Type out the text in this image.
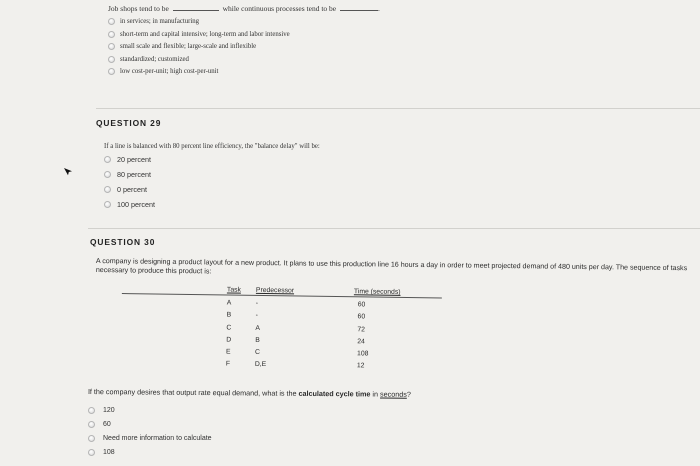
Job shops tend to be	while continuous processes tend to be	.
in services; in manufacturing
short-term and capital intensive; long-term and labor intensive
small scale and flexible; large-scale and inflexible
standardized; customized
low cost-per-unit; high cost-per-unit
QUESTION 29
If a line is balanced with 80 percent line efficiency, the "balance delay" will be:
20 percent
80 percent
0 percent
100 percent
QUESTION 30
A company is designing a product layout for a new product. It plans to use this production line 16 hours a day in order to meet projected demand of 480 units per day. The sequence of tasks necessary to produce this product is:
Task Predecessor	Time (seconds)
A	-	60
B	-	60
C	A	72
D	B	24
E	C	108
F	D,E	12
If the company desires that output rate equal demand, what is the calculated cycle time in seconds?
120
60
Need more information to calculate
108
